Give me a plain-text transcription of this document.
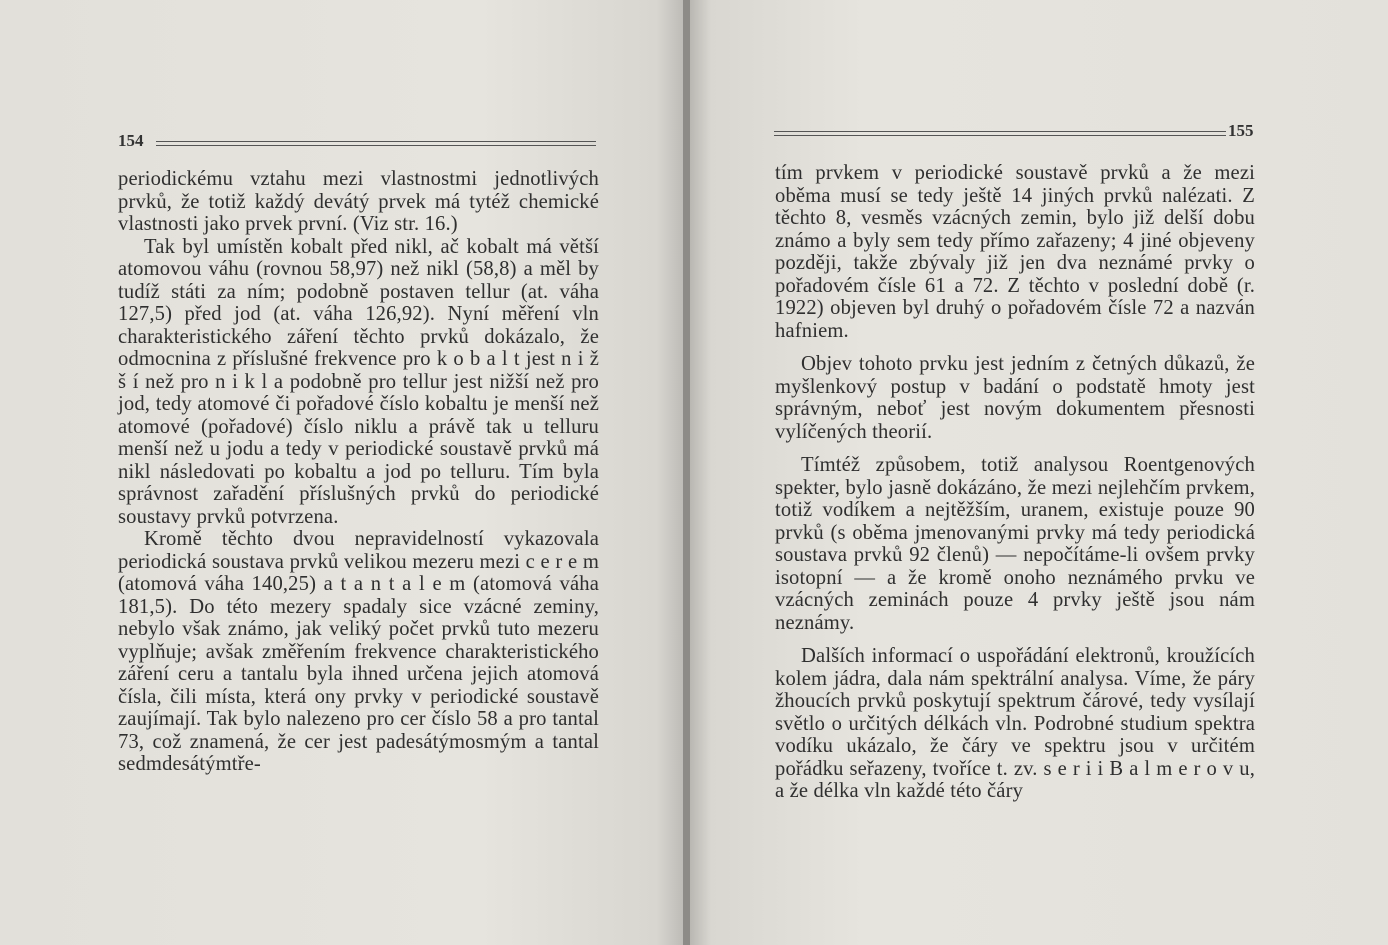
154

periodickému vztahu mezi vlastnostmi jednotlivých prvků, že totiž každý devátý prvek má tytéž chemické vlastnosti jako prvek první. (Viz str. 16.)

Tak byl umístěn kobalt před nikl, ač kobalt má větší atomovou váhu (rovnou 58,97) než nikl (58,8) a měl by tudíž státi za ním; podobně postaven tellur (at. váha 127,5) před jod (at. váha 126,92). Nyní měření vln charakteristického záření těchto prvků dokázalo, že odmocnina z příslušné frekvence pro k o b a l t jest n i ž š í než pro n i k l a podobně pro tellur jest nižší než pro jod, tedy atomové či pořadové číslo kobaltu je menší než atomové (pořadové) číslo niklu a právě tak u telluru menší než u jodu a tedy v periodické soustavě prvků má nikl následovati po kobaltu a jod po telluru. Tím byla správnost zařadění příslušných prvků do periodické soustavy prvků potvrzena.

Kromě těchto dvou nepravidelností vykazovala periodická soustava prvků velikou mezeru mezi c e r e m (atomová váha 140,25) a t a n t a l e m (atomová váha 181,5). Do této mezery spadaly sice vzácné zeminy, nebylo však známo, jak veliký počet prvků tuto mezeru vyplňuje; avšak změřením frekvence charakteristického záření ceru a tantalu byla ihned určena jejich atomová čísla, čili místa, která ony prvky v periodické soustavě zaujímají. Tak bylo nalezeno pro cer číslo 58 a pro tantal 73, což znamená, že cer jest padesátýmosmým a tantal sedmdesátýmtře-

155

tím prvkem v periodické soustavě prvků a že mezi oběma musí se tedy ještě 14 jiných prvků nalézati. Z těchto 8, vesměs vzácných zemin, bylo již delší dobu známo a byly sem tedy přímo zařazeny; 4 jiné objeveny později, takže zbývaly již jen dva neznámé prvky o pořadovém čísle 61 a 72. Z těchto v poslední době (r. 1922) objeven byl druhý o pořadovém čísle 72 a nazván hafniem.

Objev tohoto prvku jest jedním z četných důkazů, že myšlenkový postup v badání o podstatě hmoty jest správným, neboť jest novým dokumentem přesnosti vylíčených theorií.

Tímtéž způsobem, totiž analysou Roentgenových spekter, bylo jasně dokázáno, že mezi nejlehčím prvkem, totiž vodíkem a nejtěžším, uranem, existuje pouze 90 prvků (s oběma jmenovanými prvky má tedy periodická soustava prvků 92 členů) — nepočítáme-li ovšem prvky isotopní — a že kromě onoho neznámého prvku ve vzácných zeminách pouze 4 prvky ještě jsou nám neznámy.

Dalších informací o uspořádání elektronů, kroužících kolem jádra, dala nám spektrální analysa. Víme, že páry žhoucích prvků poskytují spektrum čárové, tedy vysílají světlo o určitých délkách vln. Podrobné studium spektra vodíku ukázalo, že čáry ve spektru jsou v určitém pořádku seřazeny, tvoříce t. zv. s e r i i B a l m e r o v u, a že délka vln každé této čáry
